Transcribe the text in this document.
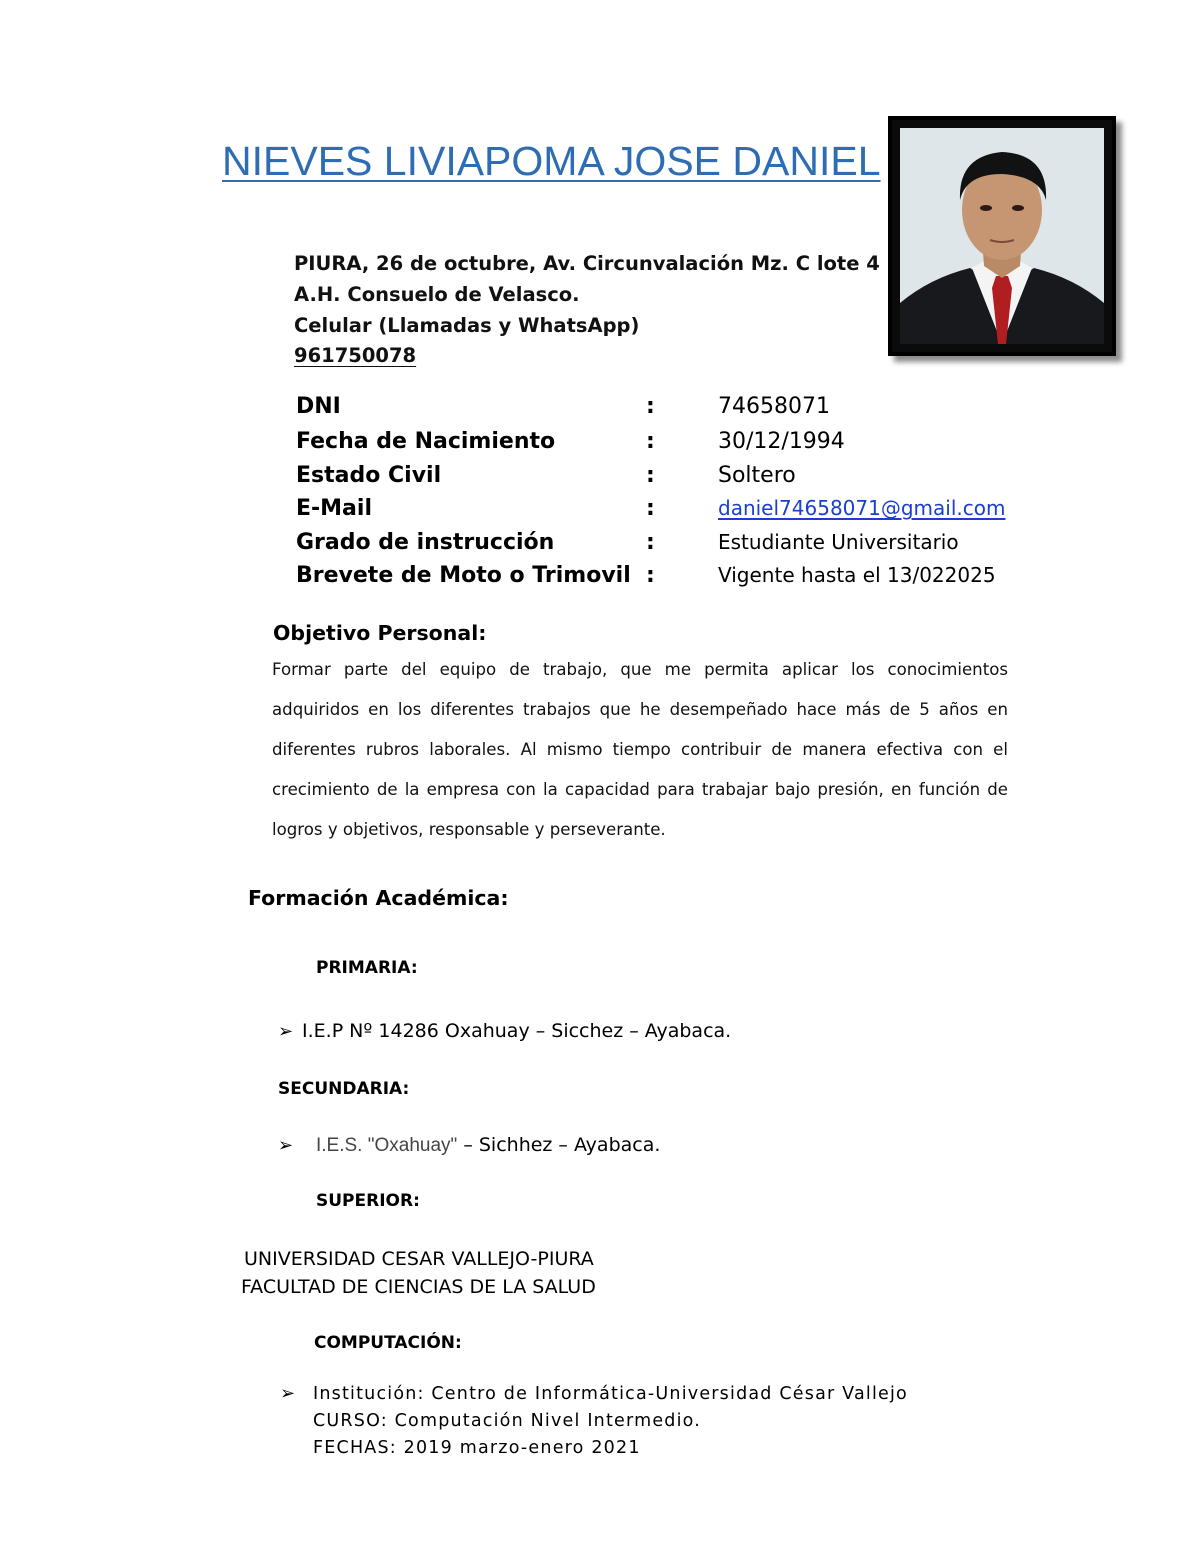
NIEVES LIVIAPOMA JOSE DANIEL
PIURA, 26 de octubre, Av. Circunvalación Mz. C lote 4
A.H. Consuelo de Velasco.
Celular (Llamadas y WhatsApp)
961750078
DNI	:	74658071
Fecha de Nacimiento	:	30/12/1994
Estado Civil	:	Soltero
E-Mail	:	daniel74658071@gmail.com
Grado de instrucción	:	Estudiante Universitario
Brevete de Moto o Trimovil :	Vigente hasta el 13/022025
Objetivo Personal:
Formar parte del equipo de trabajo, que me permita aplicar los conocimientos adquiridos en los diferentes trabajos que he desempeñado hace más de 5 años en diferentes rubros laborales. Al mismo tiempo contribuir de manera efectiva con el crecimiento de la empresa con la capacidad para trabajar bajo presión, en función de logros y objetivos, responsable y perseverante.
Formación Académica:
PRIMARIA:
➢ I.E.P Nº 14286 Oxahuay – Sicchez – Ayabaca.
SECUNDARIA:
➢ I.E.S. "Oxahuay" – Sichhez – Ayabaca.
SUPERIOR:
UNIVERSIDAD CESAR VALLEJO-PIURA
FACULTAD DE CIENCIAS DE LA SALUD
COMPUTACIÓN:
➢ Institución: Centro de Informática-Universidad César Vallejo
CURSO: Computación Nivel Intermedio.
FECHAS: 2019 marzo-enero 2021
